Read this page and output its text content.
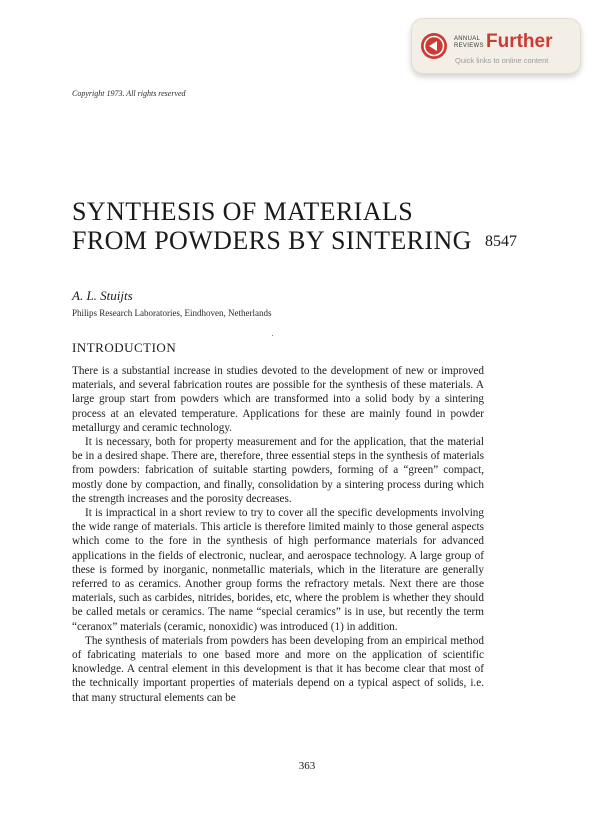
ANNUAL REVIEWS Further
Quick links to online content
Copyright 1973. All rights reserved
SYNTHESIS OF MATERIALS
FROM POWDERS BY SINTERING 8547
A. L. Stuijts
Philips Research Laboratories, Eindhoven, Netherlands
INTRODUCTION

There is a substantial increase in studies devoted to the development of new or improved materials, and several fabrication routes are possible for the synthesis of these materials. A large group start from powders which are transformed into a solid body by a sintering process at an elevated temperature. Applications for these are mainly found in powder metallurgy and ceramic technology.

It is necessary, both for property measurement and for the application, that the material be in a desired shape. There are, therefore, three essential steps in the synthesis of materials from powders: fabrication of suitable starting powders, forming of a “green” compact, mostly done by compaction, and finally, consolidation by a sintering process during which the strength increases and the porosity decreases.

It is impractical in a short review to try to cover all the specific developments involving the wide range of materials. This article is therefore limited mainly to those general aspects which come to the fore in the synthesis of high performance materials for advanced applications in the fields of electronic, nuclear, and aerospace technology. A large group of these is formed by inorganic, nonmetallic materials, which in the literature are generally referred to as ceramics. Another group forms the refractory metals. Next there are those materials, such as carbides, nitrides, borides, etc, where the problem is whether they should be called metals or ceramics. The name “special ceramics” is in use, but recently the term “ceranox” materials (ceramic, nonoxidic) was introduced (1) in addition.

The synthesis of materials from powders has been developing from an empirical method of fabricating materials to one based more and more on the application of scientific knowledge. A central element in this development is that it has become clear that most of the technically important properties of materials depend on a typical aspect of solids, i.e. that many structural elements can be

363
